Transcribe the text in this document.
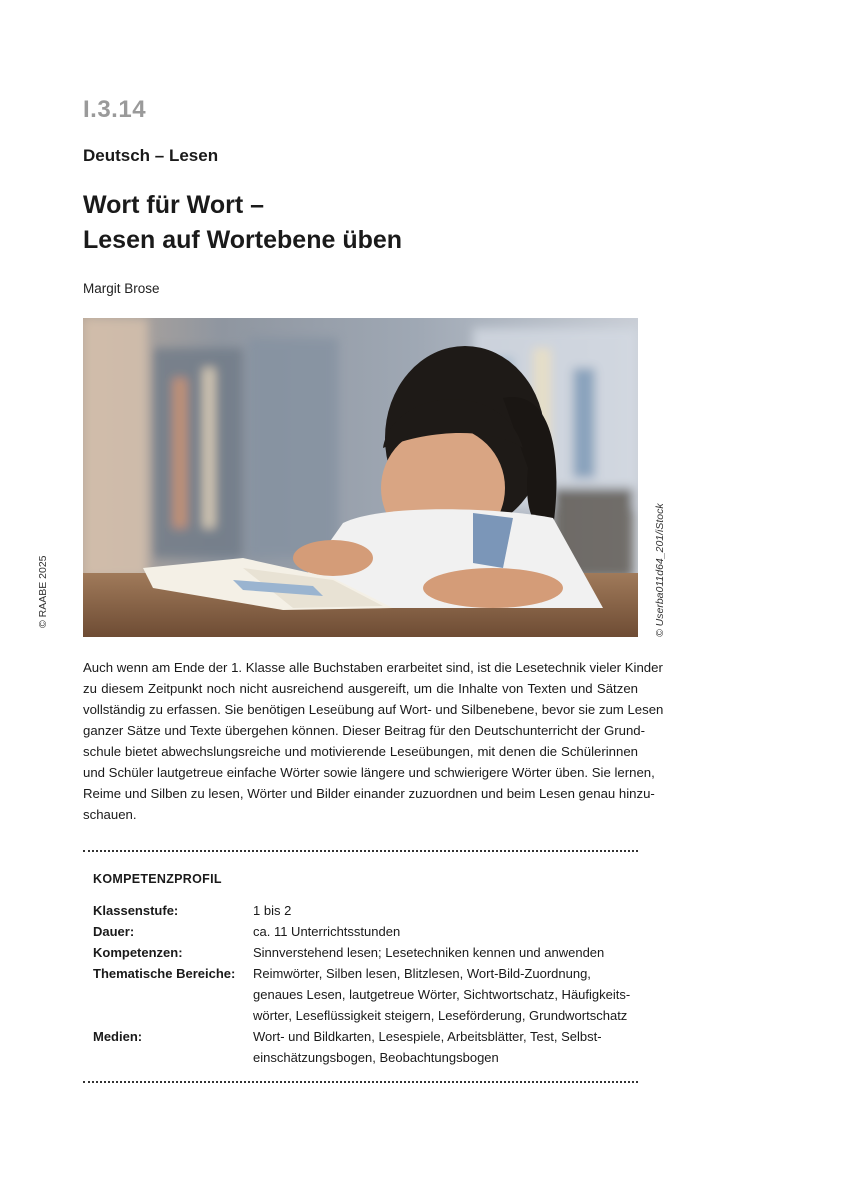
I.3.14
Deutsch – Lesen
Wort für Wort –
Lesen auf Wortebene üben
Margit Brose
© Userba011d64_201/iStock
© RAABE 2025
Auch wenn am Ende der 1. Klasse alle Buchstaben erarbeitet sind, ist die Lesetechnik vieler Kinder
zu diesem Zeitpunkt noch nicht ausreichend ausgereift, um die Inhalte von Texten und Sätzen
vollständig zu erfassen. Sie benötigen Leseübung auf Wort- und Silbenebene, bevor sie zum Lesen
ganzer Sätze und Texte übergehen können. Dieser Beitrag für den Deutschunterricht der Grund-
schule bietet abwechslungsreiche und motivierende Leseübungen, mit denen die Schülerinnen
und Schüler lautgetreue einfache Wörter sowie längere und schwierigere Wörter üben. Sie lernen,
Reime und Silben zu lesen, Wörter und Bilder einander zuzuordnen und beim Lesen genau hinzu-
schauen.
KOMPETENZPROFIL
Klassenstufe:	1 bis 2
Dauer:	ca. 11 Unterrichtsstunden
Kompetenzen:	Sinnverstehend lesen; Lesetechniken kennen und anwenden
Thematische Bereiche:	Reimwörter, Silben lesen, Blitzlesen, Wort-Bild-Zuordnung,
genaues Lesen, lautgetreue Wörter, Sichtwortschatz, Häufigkeits-
wörter, Leseflüssigkeit steigern, Leseförderung, Grundwortschatz
Medien:	Wort- und Bildkarten, Lesespiele, Arbeitsblätter, Test, Selbst-
einschätzungsbogen, Beobachtungsbogen
